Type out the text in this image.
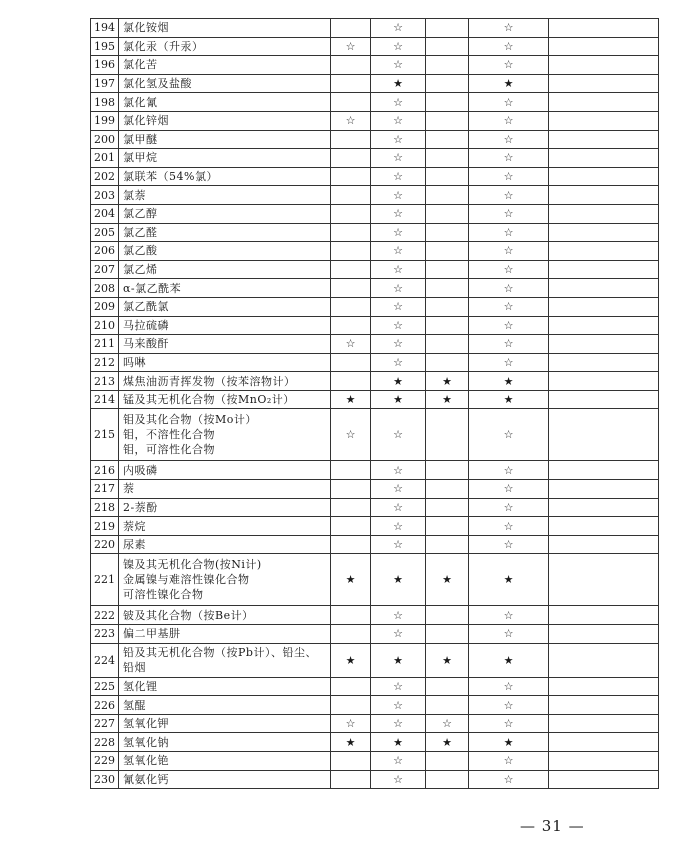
194	氯化铵烟		☆		☆	
195	氯化汞（升汞）	☆	☆		☆	
196	氯化苦		☆		☆	
197	氯化氢及盐酸		★		★	
198	氯化氰		☆		☆	
199	氯化锌烟	☆	☆		☆	
200	氯甲醚		☆		☆	
201	氯甲烷		☆		☆	
202	氯联苯（54%氯）		☆		☆	
203	氯萘		☆		☆	
204	氯乙醇		☆		☆	
205	氯乙醛		☆		☆	
206	氯乙酸		☆		☆	
207	氯乙烯		☆		☆	
208	α-氯乙酰苯		☆		☆	
209	氯乙酰氯		☆		☆	
210	马拉硫磷		☆		☆	
211	马来酸酐	☆	☆		☆	
212	吗啉		☆		☆	
213	煤焦油沥青挥发物（按苯溶物计）		★	★	★	
214	锰及其无机化合物（按MnO₂计）	★	★	★	★	
215	钼及其化合物（按Mo计）
钼，不溶性化合物
钼，可溶性化合物	☆	☆		☆	
216	内吸磷		☆		☆	
217	萘		☆		☆	
218	2-萘酚		☆		☆	
219	萘烷		☆		☆	
220	尿素		☆		☆	
221	镍及其无机化合物(按Ni计)
金属镍与难溶性镍化合物
可溶性镍化合物	★	★	★	★	
222	铍及其化合物（按Be计）		☆		☆	
223	偏二甲基肼		☆		☆	
224	铅及其无机化合物（按Pb计）、铅尘、
铅烟	★	★	★	★	
225	氢化锂		☆		☆	
226	氢醌		☆		☆	
227	氢氧化钾	☆	☆	☆	☆	
228	氢氧化钠	★	★	★	★	
229	氢氧化铯		☆		☆	
230	氰氨化钙		☆		☆	
— 31 —
